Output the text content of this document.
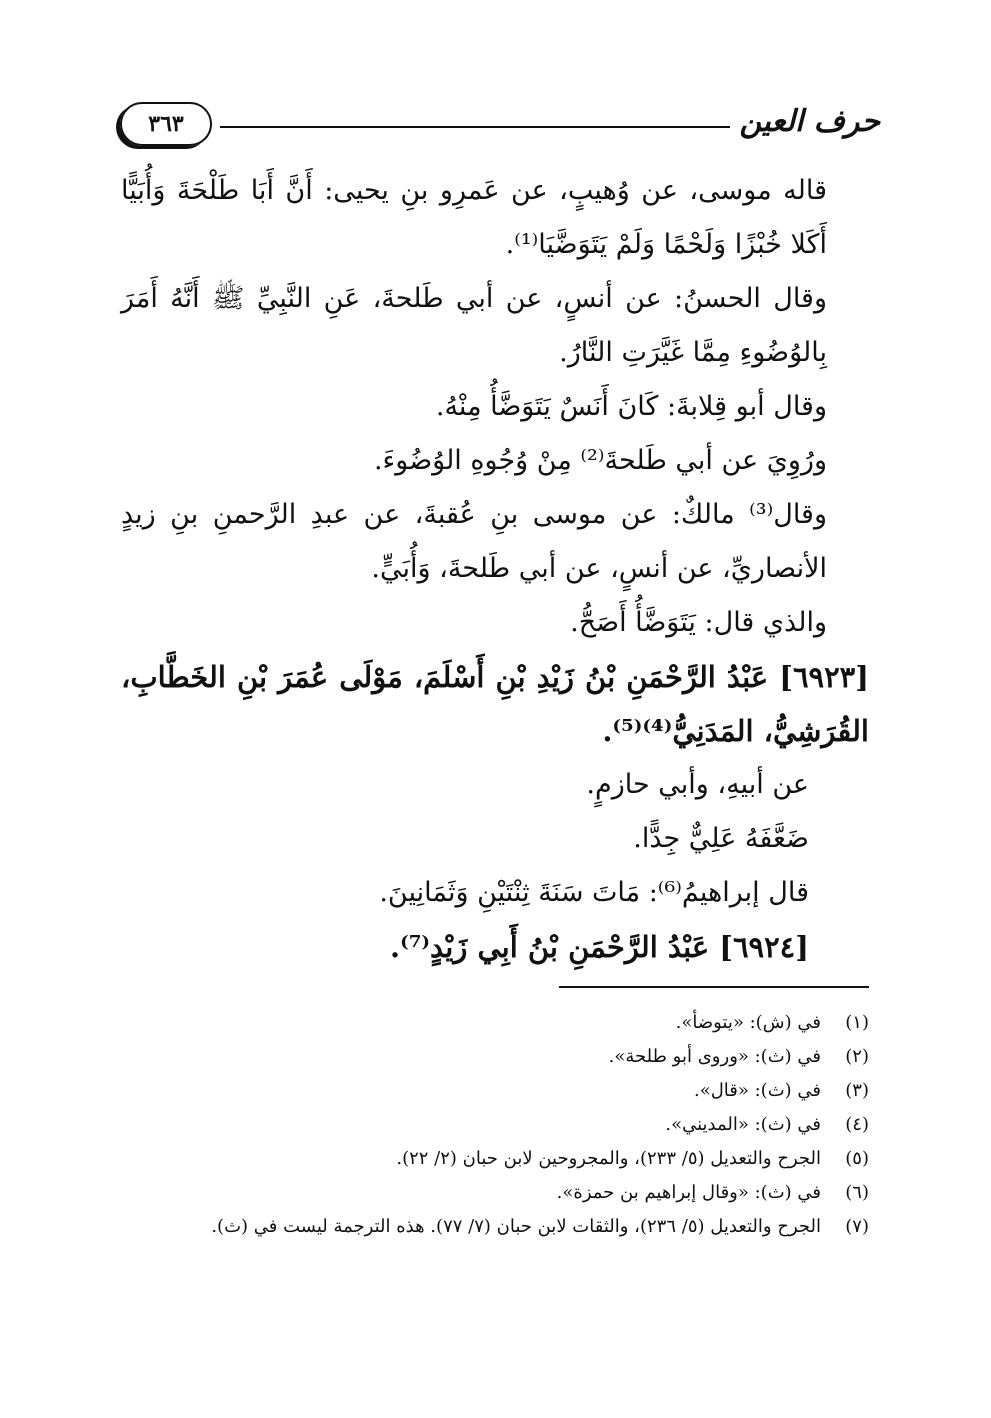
حرف العين
٣٦٣

قاله موسى، عن وُهيبٍ، عن عَمرِو بنِ يحيى: أَنَّ أَبَا طَلْحَةَ وَأُبَيًّا أَكَلا خُبْزًا وَلَحْمًا وَلَمْ يَتَوَضَّيَا⁽¹⁾.

وقال الحسنُ: عن أنسٍ، عن أبي طَلحةَ، عَنِ النَّبِيِّ ﷺ أَنَّهُ أَمَرَ بِالوُضُوءِ مِمَّا غَيَّرَتِ النَّارُ.

وقال أبو قِلابةَ: كَانَ أَنَسٌ يَتَوَضَّأُ مِنْهُ.

ورُوِيَ عن أبي طَلحةَ⁽²⁾ مِنْ وُجُوهِ الوُضُوءَ.

وقال⁽³⁾ مالكٌ: عن موسى بنِ عُقبةَ، عن عبدِ الرَّحمنِ بنِ زيدٍ الأنصاريِّ، عن أنسٍ، عن أبي طَلحةَ، وَأُبَيٍّ.

والذي قال: يَتَوَضَّأُ أَصَحُّ.

[٦٩٢٣] عَبْدُ الرَّحْمَنِ بْنُ زَيْدِ بْنِ أَسْلَمَ، مَوْلَى عُمَرَ بْنِ الخَطَّابِ، القُرَشِيُّ، المَدَنِيُّ⁽⁴⁾⁽⁵⁾.

عن أبيهِ، وأبي حازمٍ.

ضَعَّفَهُ عَلِيٌّ جِدًّا.

قال إبراهيمُ⁽⁶⁾: مَاتَ سَنَةَ ثِنْتَيْنِ وَثَمَانِينَ.

[٦٩٢٤] عَبْدُ الرَّحْمَنِ بْنُ أَبِي زَيْدٍ⁽⁷⁾.

(١)
في (ش): «يتوضأ».
(٢)
في (ث): «وروى أبو طلحة».
(٣)
في (ث): «قال».
(٤)
في (ث): «المديني».
(٥)
الجرح والتعديل (٥/ ٢٣٣)، والمجروحين لابن حبان (٢/ ٢٢).
(٦)
في (ث): «وقال إبراهيم بن حمزة».
(٧)
الجرح والتعديل (٥/ ٢٣٦)، والثقات لابن حبان (٧/ ٧٧). هذه الترجمة ليست في (ث).
